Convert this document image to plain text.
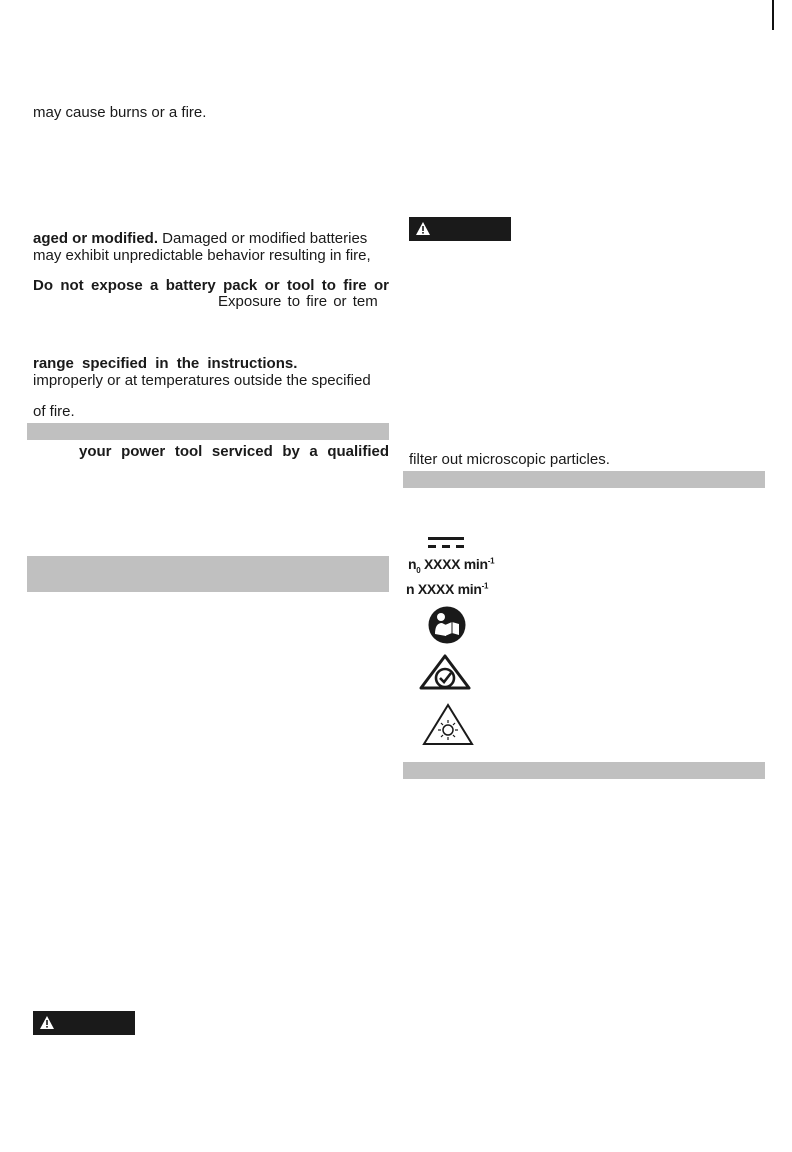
may cause burns or a fire.
aged or modified. Damaged or modified batteries
may exhibit unpredictable behavior resulting in fire,
Do not expose a battery pack or tool to fire or
Exposure to fire or tem
range specified in the instructions.
improperly or at temperatures outside the specified
of fire.
your power tool serviced by a qualified filter out microscopic particles.
$n_0$ XXXX $\min^{-1}$
n XXXX $\min^{-1}$
